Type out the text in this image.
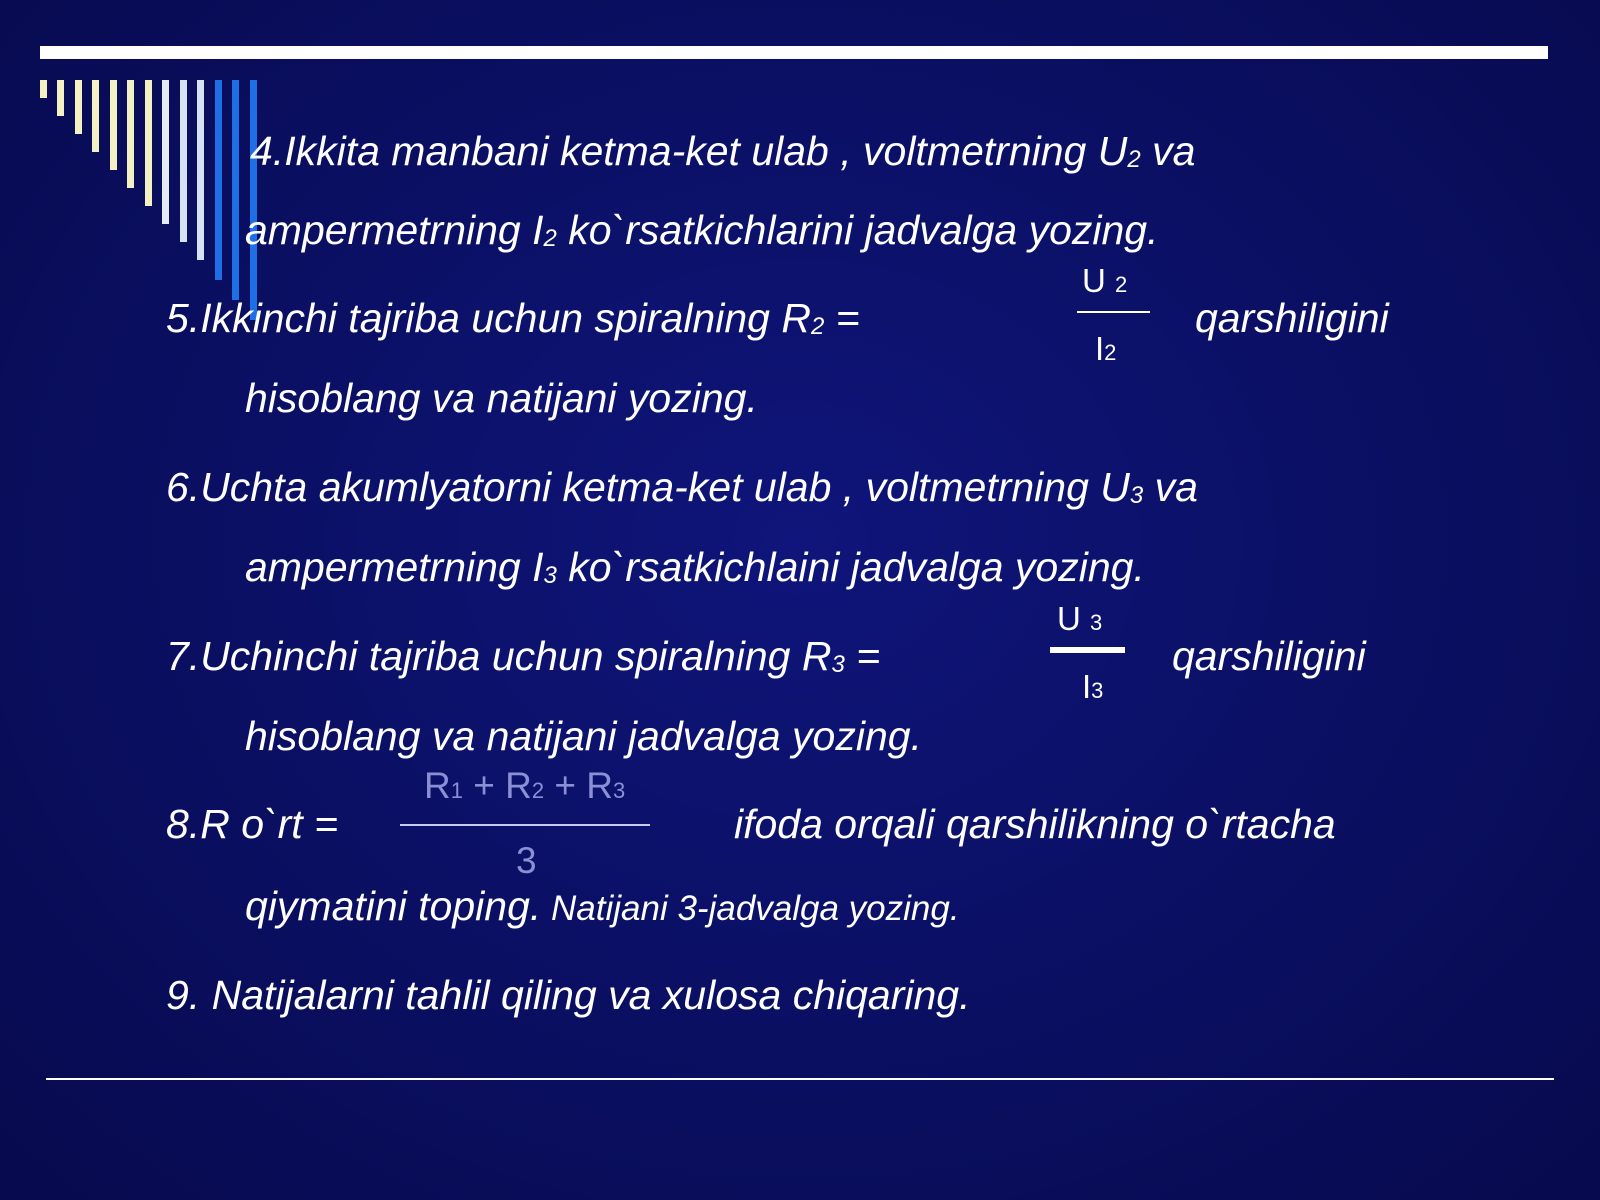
4.Ikkita manbani ketma-ket ulab , voltmetrning U2 va
ampermetrning I2 ko`rsatkichlarini jadvalga yozing.
5.Ikkinchi tajriba uchun spiralning R2 =
U 2
I2
qarshiligini
hisoblang va natijani yozing.
6.Uchta akumlyatorni ketma-ket ulab , voltmetrning U3 va
ampermetrning I3 ko`rsatkichlaini jadvalga yozing.
7.Uchinchi tajriba uchun spiralning R3 =
U 3
I3
qarshiligini
hisoblang va natijani jadvalga yozing.
8.R o`rt =
R1 + R2 + R3
3
ifoda orqali qarshilikning o`rtacha
qiymatini toping. Natijani 3-jadvalga yozing.
9. Natijalarni tahlil qiling va xulosa chiqaring.
